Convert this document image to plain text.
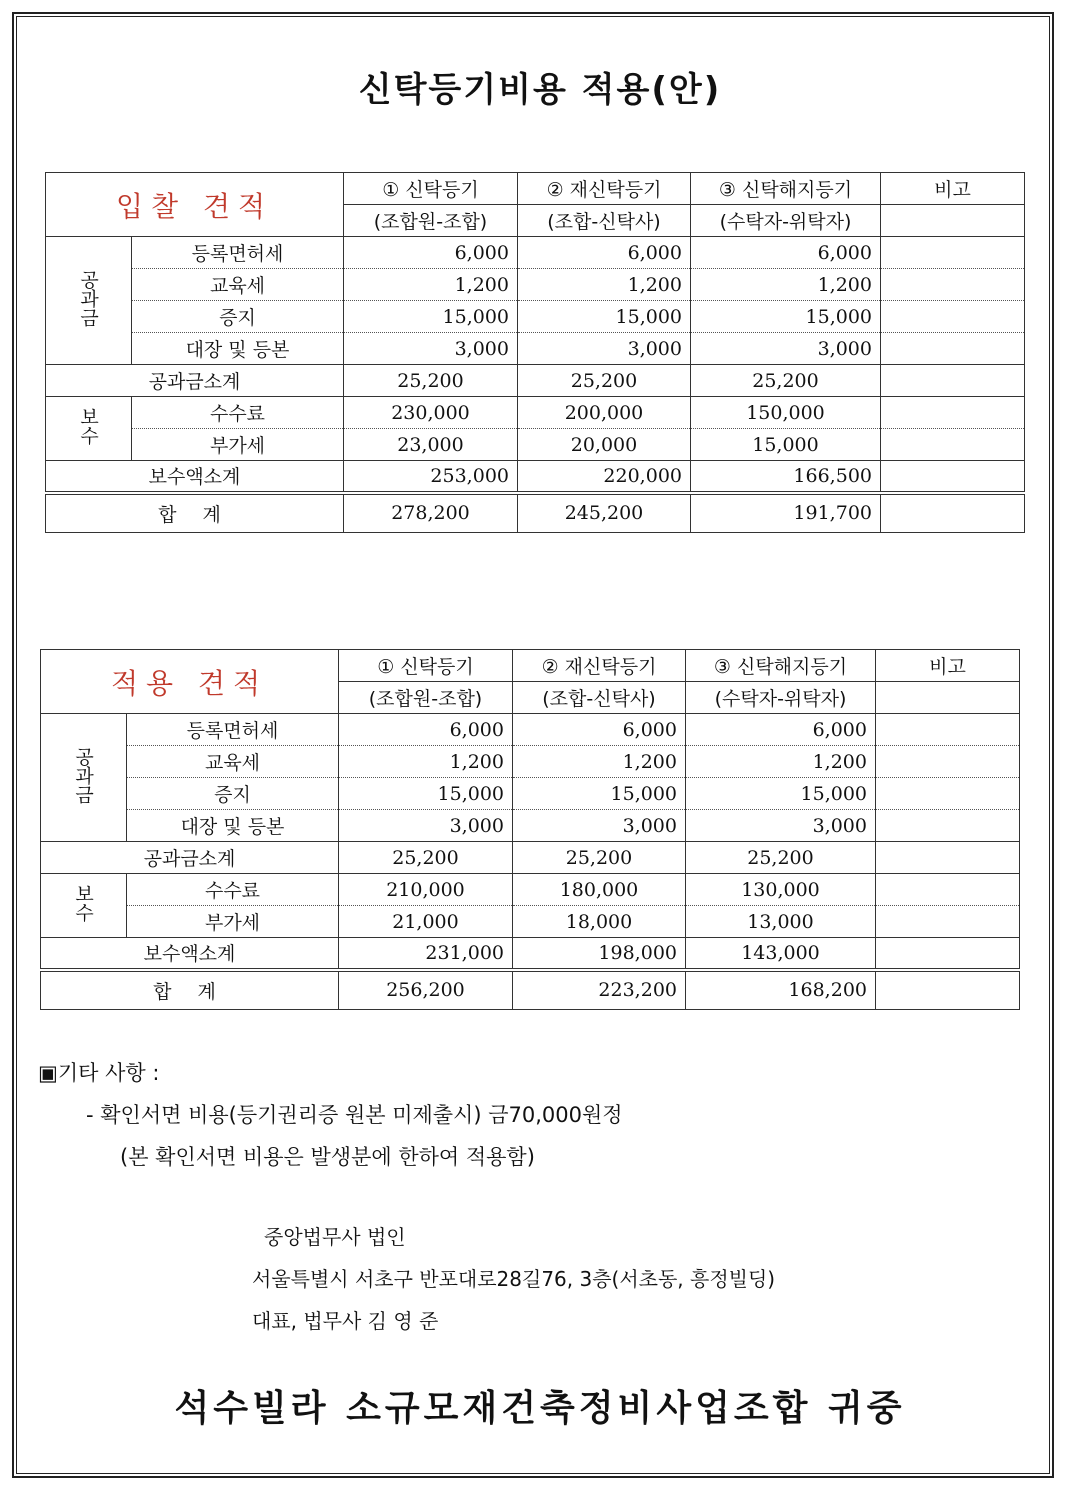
신탁등기비용 적용(안)
입찰 견적		① 신탁등기	② 재신탁등기	③ 신탁해지등기	비고
		(조합원-조합)	(조합-신탁사)	(수탁자-위탁자)	
공과금	등록면허세	6,000	6,000	6,000	
	교육세	1,200	1,200	1,200	
	증지	15,000	15,000	15,000	
	대장 및 등본	3,000	3,000	3,000	
공과금소계		25,200	25,200	25,200	
보수	수수료	230,000	200,000	150,000	
	부가세	23,000	20,000	15,000	
보수액소계		253,000	220,000	166,500	
합 계		278,200	245,200	191,700	
적용 견적		① 신탁등기	② 재신탁등기	③ 신탁해지등기	비고
		(조합원-조합)	(조합-신탁사)	(수탁자-위탁자)	
공과금	등록면허세	6,000	6,000	6,000	
	교육세	1,200	1,200	1,200	
	증지	15,000	15,000	15,000	
	대장 및 등본	3,000	3,000	3,000	
공과금소계		25,200	25,200	25,200	
보수	수수료	210,000	180,000	130,000	
	부가세	21,000	18,000	13,000	
보수액소계		231,000	198,000	143,000	
합 계		256,200	223,200	168,200	
▣기타 사항 :
- 확인서면 비용(등기권리증 원본 미제출시) 금70,000원정
(본 확인서면 비용은 발생분에 한하여 적용함)
중앙법무사 법인
서울특별시 서초구 반포대로28길76, 3층(서초동, 흥정빌딩)
대표, 법무사 김 영 준
석수빌라 소규모재건축정비사업조합 귀중
